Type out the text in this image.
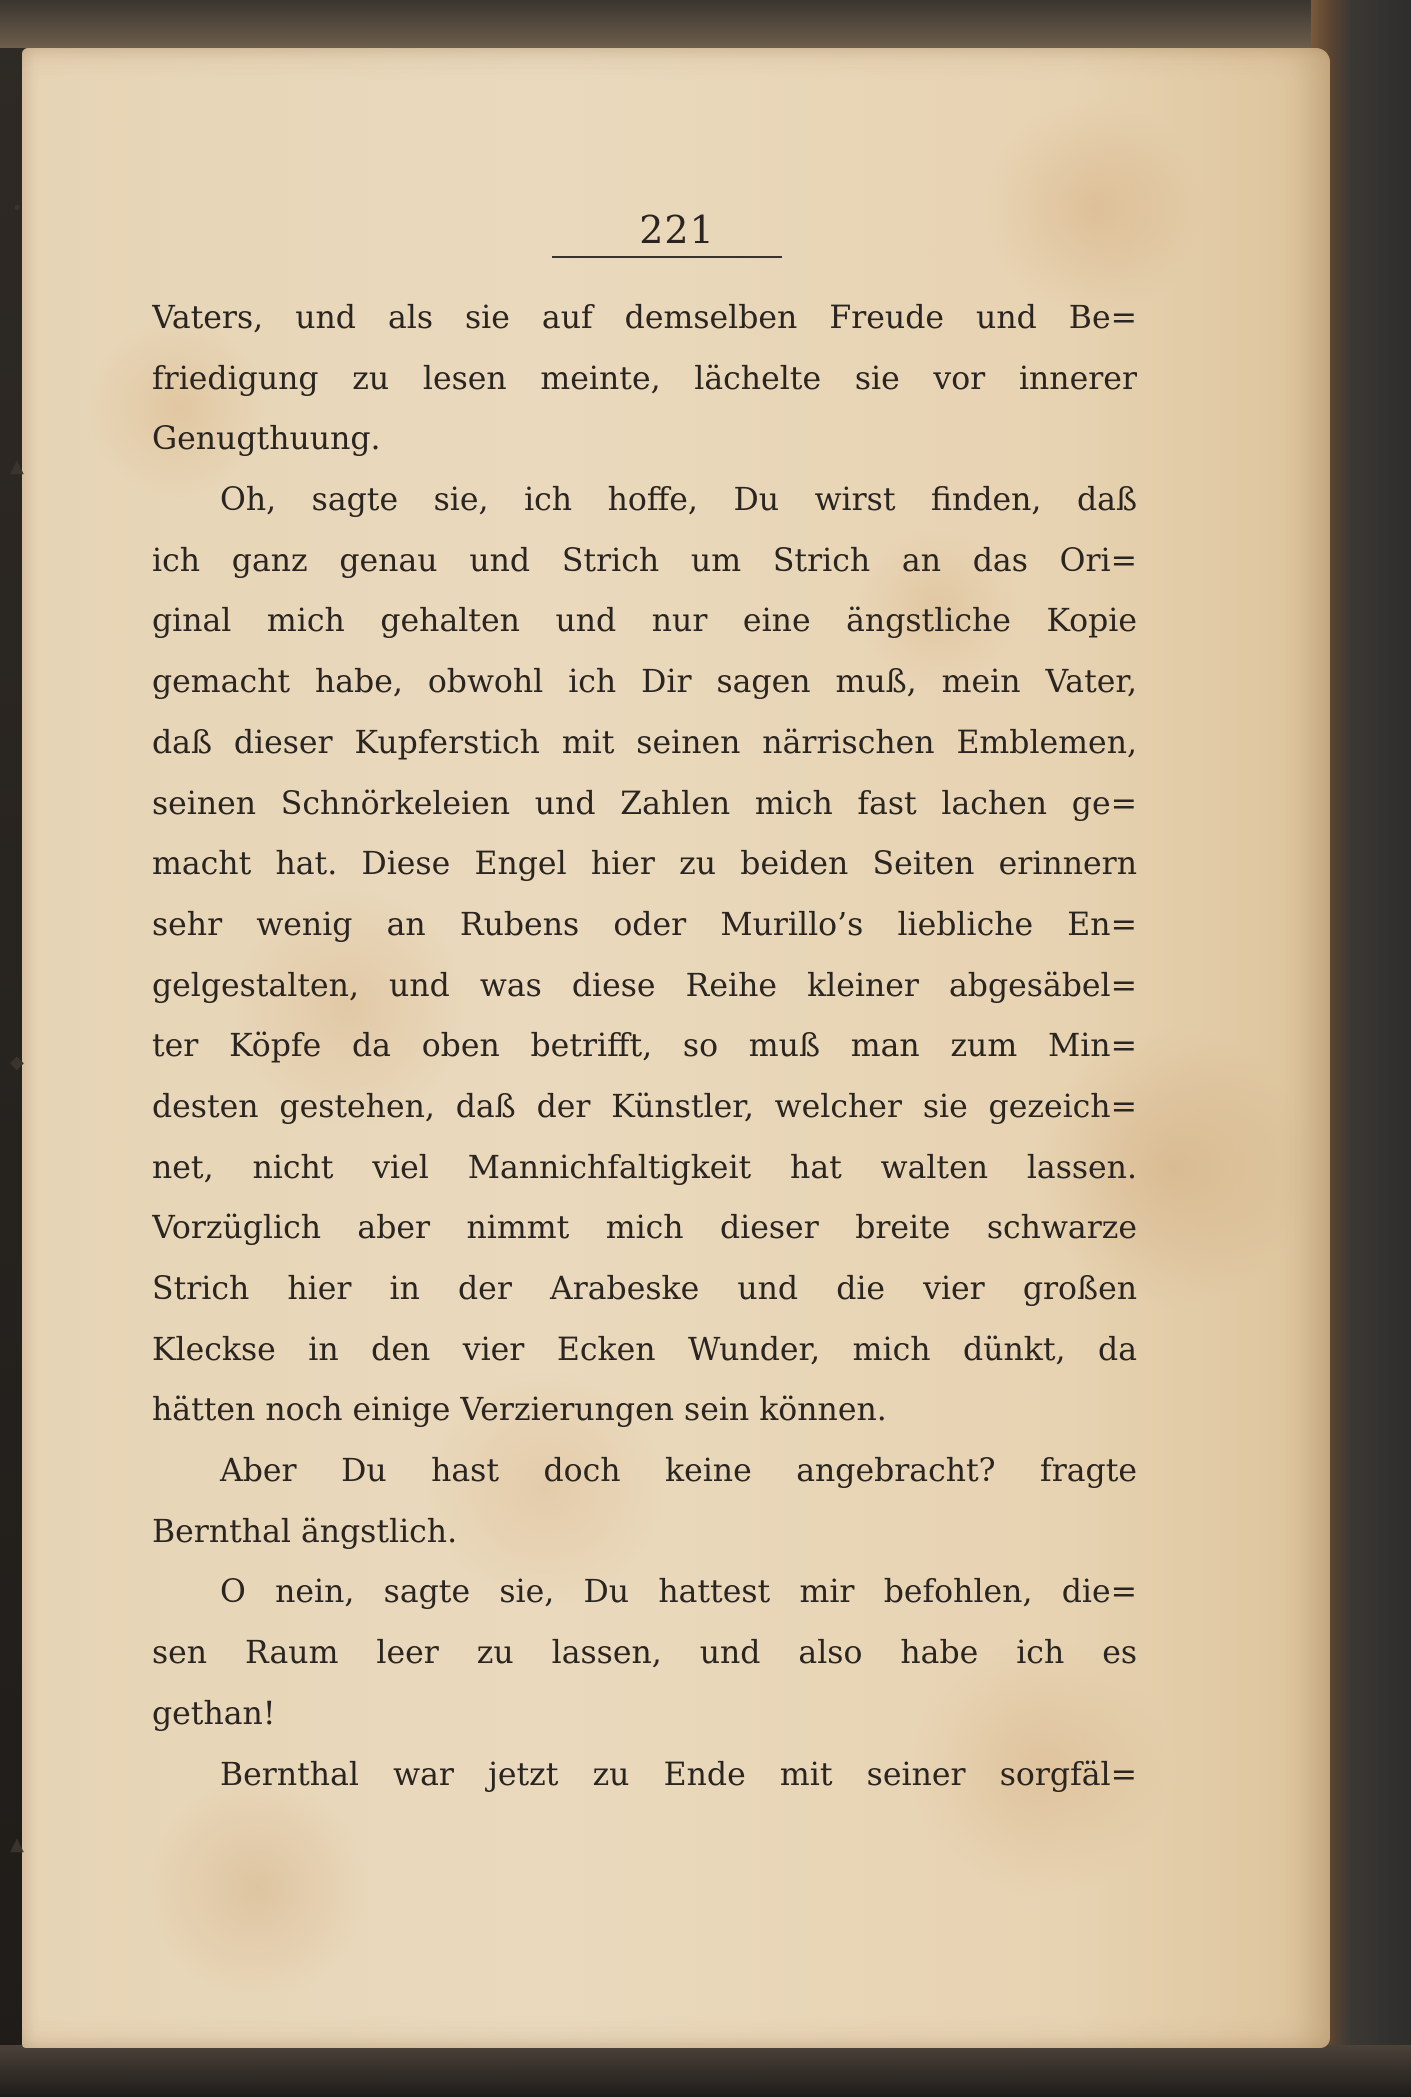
221
Vaters, und als sie auf demselben Freude und Be=
friedigung zu lesen meinte, lächelte sie vor innerer
Genugthuung.
Oh, sagte sie, ich hoffe, Du wirst finden, daß
ich ganz genau und Strich um Strich an das Ori=
ginal mich gehalten und nur eine ängstliche Kopie
gemacht habe, obwohl ich Dir sagen muß, mein Vater,
daß dieser Kupferstich mit seinen närrischen Emblemen,
seinen Schnörkeleien und Zahlen mich fast lachen ge=
macht hat. Diese Engel hier zu beiden Seiten erinnern
sehr wenig an Rubens oder Murillo’s liebliche En=
gelgestalten, und was diese Reihe kleiner abgesäbel=
ter Köpfe da oben betrifft, so muß man zum Min=
desten gestehen, daß der Künstler, welcher sie gezeich=
net, nicht viel Mannichfaltigkeit hat walten lassen.
Vorzüglich aber nimmt mich dieser breite schwarze
Strich hier in der Arabeske und die vier großen
Kleckse in den vier Ecken Wunder, mich dünkt, da
hätten noch einige Verzierungen sein können.
Aber Du hast doch keine angebracht? fragte
Bernthal ängstlich.
O nein, sagte sie, Du hattest mir befohlen, die=
sen Raum leer zu lassen, und also habe ich es
gethan!
Bernthal war jetzt zu Ende mit seiner sorgfäl=
•
▲
◆
▲
